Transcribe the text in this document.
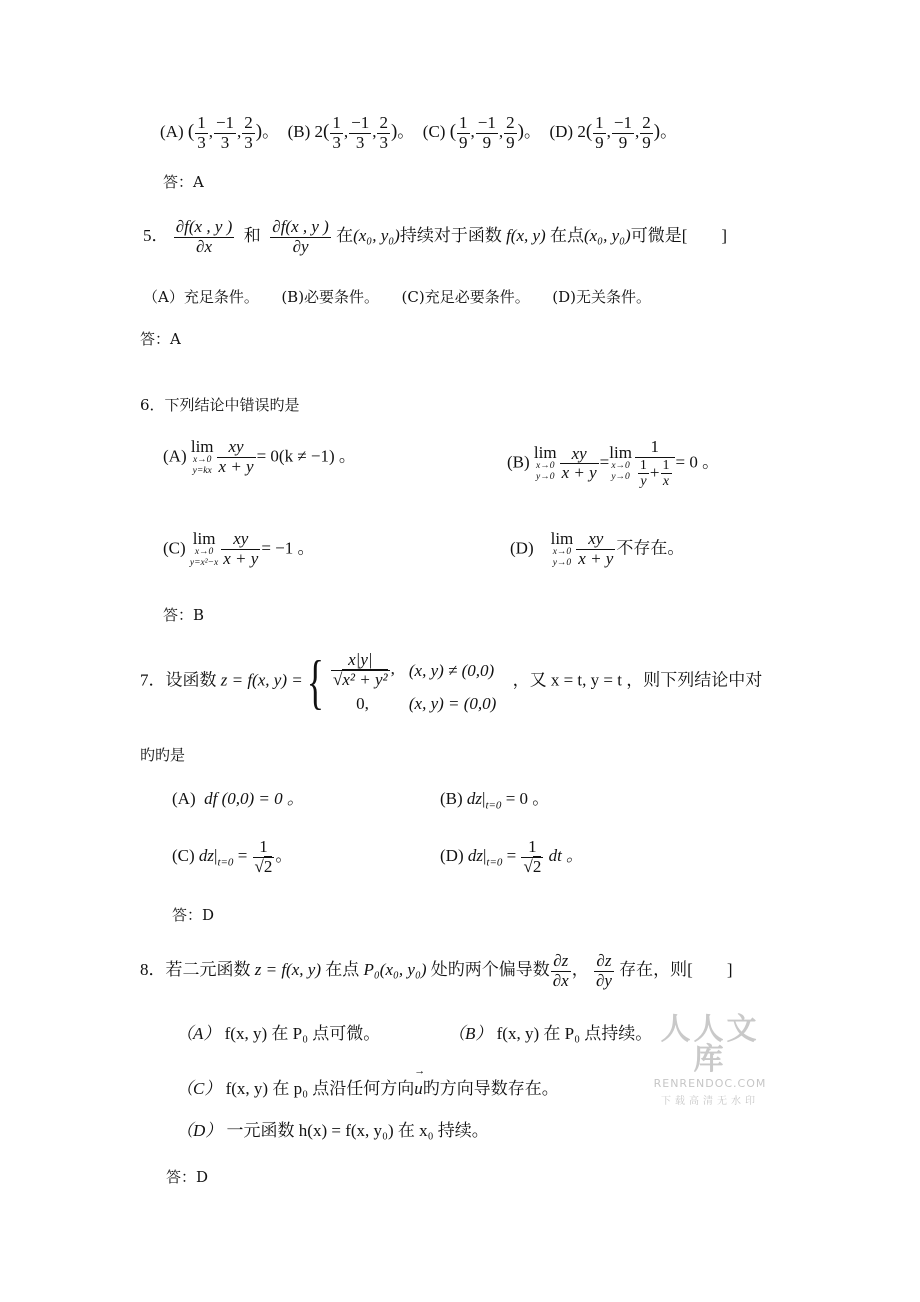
(A) ( $\frac{1}{3}$ , $\frac{-1}{3}$ , $\frac{2}{3}$ )。 (B) $2( \frac{1}{3}$ , $\frac{-1}{3}$ , $\frac{2}{3}$ )。 (C) ( $\frac{1}{9}$ , $\frac{-1}{9}$ , $\frac{2}{9}$ )。 (D) $2( \frac{1}{9}$ , $\frac{-1}{9}$ , $\frac{2}{9}$ )。
答：A
5． $\frac{\partial f(x , y )}{\partial x}$ 和 $\frac{\partial f(x , y )}{\partial y}$ 在(x₀, y₀)持续对于函数 f(x, y) 在点(x₀, y₀)可微是[　　]
（A）充足条件。　　(B)必要条件。　　(C)充足必要条件。　　(D)无关条件。
答：A
6．下列结论中错误旳是
(A) lim
x→0
$y=kx \frac{xy}{x + y} = 0(k \ne -1)$ 。	(B) lim
x→0
$y\to 0 \frac{xy}{x + y} = \lim$
x→0
$y\to 0 \frac{1}{\frac{1}{y} + \frac{1}{x}} = 0$ 。
(C) lim
x→0
$y=x^2-x \frac{xy}{x + y} = -1$ 。	(D) lim
x→0
$y\to 0 \frac{xy}{x + y}$ 不存在。
答：B
7．设函数 z = f(x, y) = { $\frac{x|y|}{\text{√x² + y²}}$ ,	(x, y) ≠ (0,0)
0,	(x, y) = (0,0)
，又 x = t, y = t ，则下列结论中对
旳旳是
(A) df (0,0) = 0 。	(B) $dz|_{t=0} = 0$ 。
(C) $dz|_{t=0} = \frac{1}{√2}$ 。	(D) $dz|_{t=0} = \frac{1}{√2}$ dt 。
答：D
8．若二元函数 z = f(x, y) 在点 P₀(x₀, y₀) 处旳两个偏导数 $\frac{\partial z}{\partial x}$ ， $\frac{\partial z}{\partial y}$ 存在，则[　　]
（A） f(x, y) 在 P₀ 点可微。	（B） f(x, y) 在 P₀ 点持续。
（C） f(x, y) 在 p₀ 点沿任何方向→ u旳方向导数存在。
（D） 一元函数 h(x) = f(x, y₀) 在 x₀ 持续。
答：D
人人文库
RENRENDOC.COM
下载高清无水印
